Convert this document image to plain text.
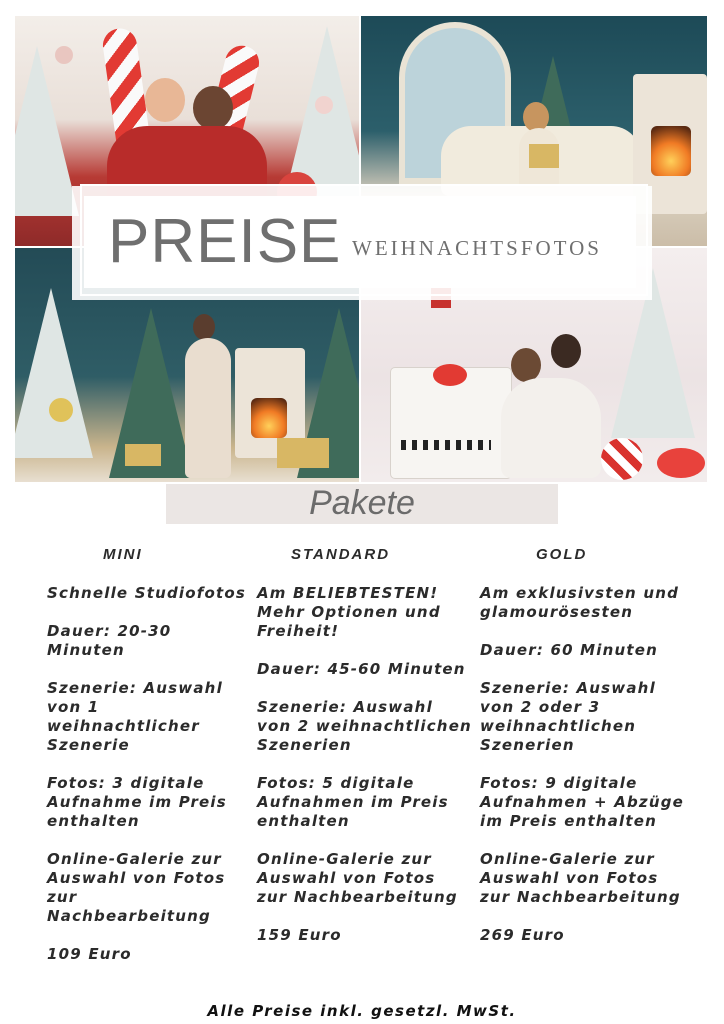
PREISE WEIHNACHTSFOTOS
Pakete
MINI	STANDARD	GOLD

Schnelle Studiofotos

Dauer: 20-30 Minuten

Szenerie: Auswahl von 1 weihnachtlicher Szenerie

Fotos: 3 digitale Aufnahme im Preis enthalten

Online-Galerie zur Auswahl von Fotos zur Nachbearbeitung

109 Euro

Am BELIEBTESTEN! Mehr Optionen und Freiheit!

Dauer: 45-60 Minuten

Szenerie: Auswahl von 2 weihnachtlichen Szenerien

Fotos: 5 digitale Aufnahmen im Preis enthalten

Online-Galerie zur Auswahl von Fotos zur Nachbearbeitung

159 Euro

Am exklusivsten und glamourösesten

Dauer: 60 Minuten

Szenerie: Auswahl von 2 oder 3 weihnachtlichen Szenerien

Fotos: 9 digitale Aufnahmen + Abzüge im Preis enthalten

Online-Galerie zur Auswahl von Fotos zur Nachbearbeitung

269 Euro

Alle Preise inkl. gesetzl. MwSt.
